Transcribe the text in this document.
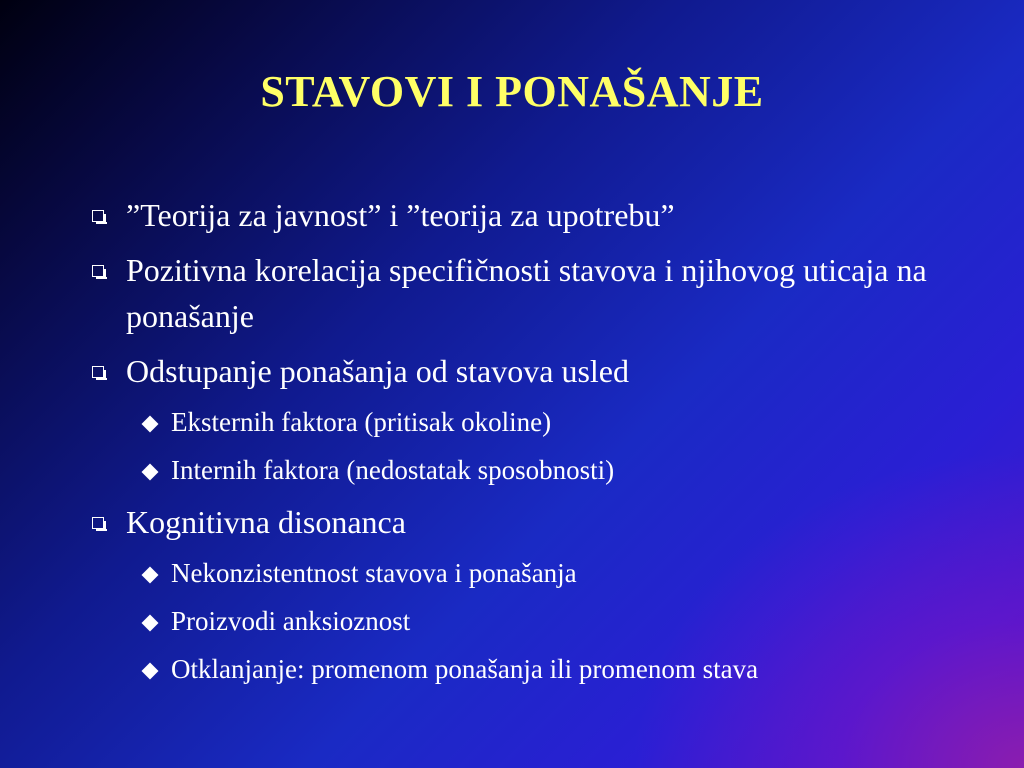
STAVOVI I PONAŠANJE
”Teorija za javnost” i ”teorija za upotrebu”
Pozitivna korelacija specifičnosti stavova i njihovog uticaja na ponašanje
Odstupanje ponašanja od stavova usled
Eksternih faktora (pritisak okoline)
Internih faktora (nedostatak sposobnosti)
Kognitivna disonanca
Nekonzistentnost stavova i ponašanja
Proizvodi anksioznost
Otklanjanje: promenom ponašanja ili promenom stava
